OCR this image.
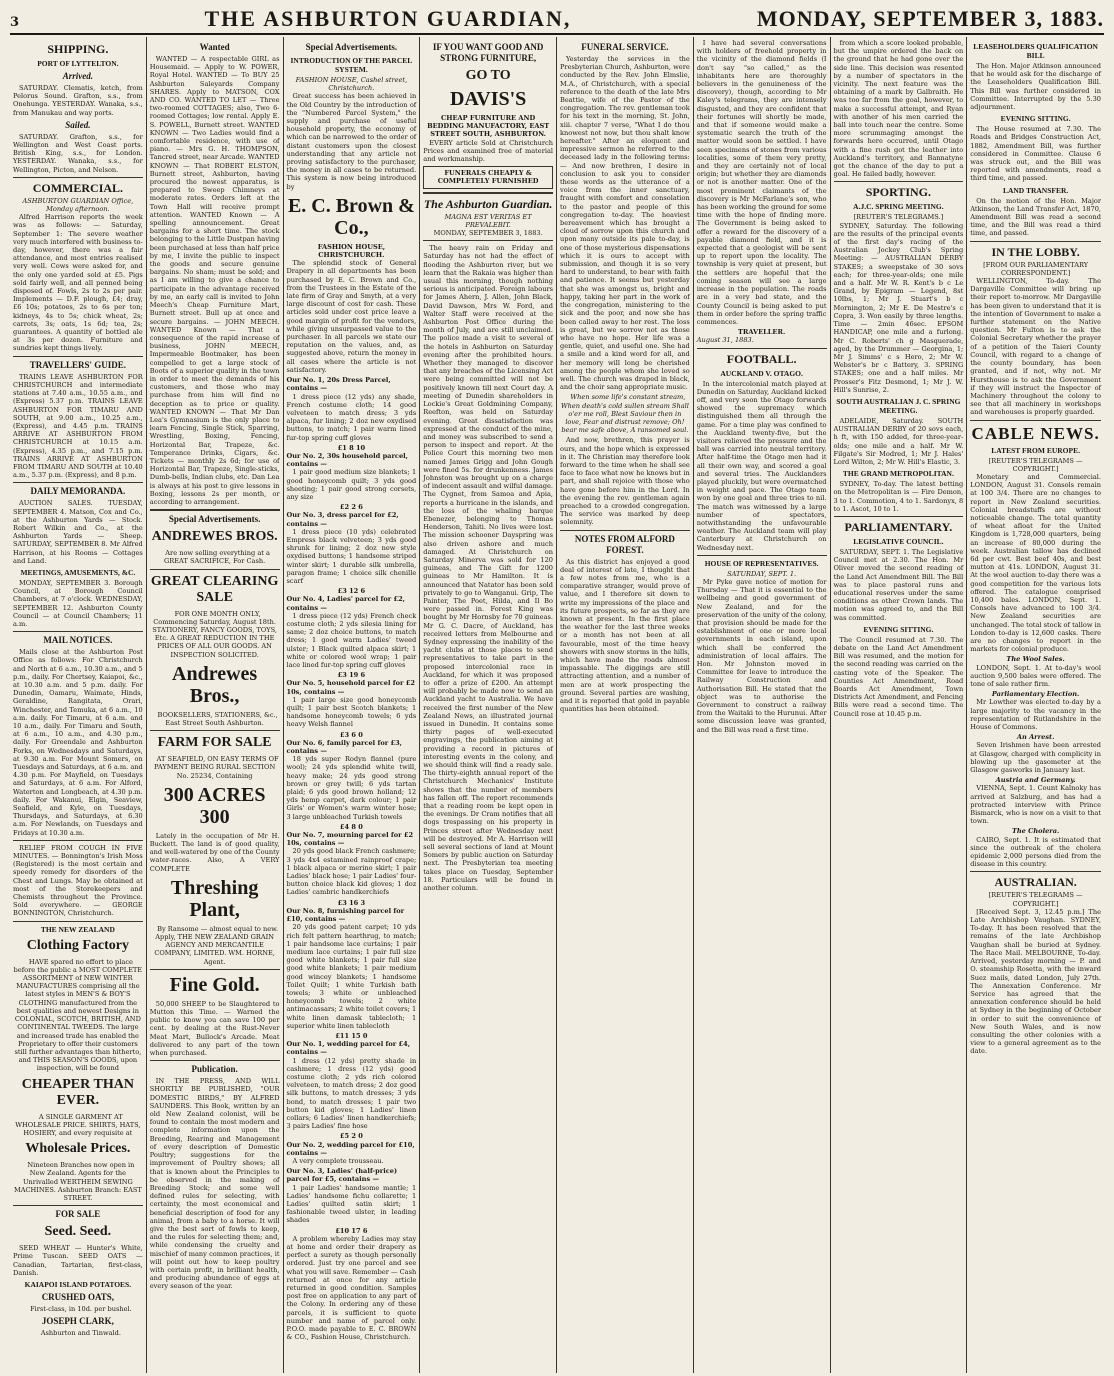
3	THE ASHBURTON GUARDIAN,	MONDAY, SEPTEMBER 3, 1883.
SHIPPING.
PORT OF LYTTELTON.
Arrived.

SATURDAY. Clematis, ketch, from Pelorus Sound. Grafton, s.s., from Onehunga. YESTERDAY. Wanaka, s.s., from Manukau and way ports.

Sailed.

SATURDAY. Grafton, s.s., for Wellington and West Coast ports. British King, s.s., for London. YESTERDAY. Wanaka, s.s., for Wellington, Picton, and Nelson.

COMMERCIAL.
ASHBURTON GUARDIAN Office, Monday afternoon.

Alfred Harrison reports the week was as follows: — Saturday, September 1: The severe weather very much interfered with business to-day, however, there was a fair attendance, and most entries realised very well. Cows were asked for, and the only one yarded sold at £5. Pigs sold fairly well, and all penned being disposed of. Fowls, 2s to 2s per pair. Implements — D.F. plough, £4; dray, £6 10s; potatoes, 2s to 6s per ton; kidneys, 4s to 5s; chick wheat, 2s; carrots, 3s; oats, 1s 6d; tea, 2s; guarantees. A quantity of bottled ale at 3s per dozen. Furniture and sundries kept things lively.

TRAVELLERS' GUIDE.

TRAINS LEAVE ASHBURTON FOR CHRISTCHURCH and intermediate stations at 7.40 a.m., 10.55 a.m., and (Express) 5.37 p.m. TRAINS LEAVE ASHBURTON FOR TIMARU AND SOUTH, at 9.00 a.m., 10.25 a.m., (Express), and 4.45 p.m. TRAINS ARRIVE AT ASHBURTON FROM CHRISTCHURCH at 10.15 a.m. (Express), 4.35 p.m., and 7.15 p.m. TRAINS ARRIVE AT ASHBURTON FROM TIMARU AND SOUTH at 10.40 a.m., 5.37 p.m. (Express), and 8 p.m.

DAILY MEMORANDA.

AUCTION SALES. TUESDAY, SEPTEMBER 4. Matson, Cox and Co., at the Ashburton Yards — Stock. Robert Wilkin and Co., at the Ashburton Yards — Sheep. SATURDAY, SEPTEMBER 8. Mr Alfred Harrison, at his Rooms — Cottages and Land.

MEETINGS, AMUSEMENTS, &C.

MONDAY, SEPTEMBER 3. Borough Council, at Borough Council Chambers, at 7 o'clock. WEDNESDAY, SEPTEMBER 12. Ashburton County Council — at Council Chambers; 11 a.m.

MAIL NOTICES.

Mails close at the Ashburton Post Office as follows: For Christchurch and North at 6 a.m., 10.30 a.m., and 5 p.m., daily. For Chertsey, Kaiapoi, &c., at 10.30 a.m. and 5 p.m. daily. For Dunedin, Oamaru, Waimate, Hinds, Geraldine, Rangitata, Orari, Winchester, and Temuka, at 6 a.m., 10 a.m. daily. For Timaru, at 6 a.m. and 10 a.m., daily. For Timaru and South, at 6 a.m., 10 a.m., and 4.30 p.m., daily. For Greendale and Ashburton Forks, on Wednesdays and Saturdays, at 9.30 a.m. For Mount Somers, on Tuesdays and Saturdays, at 6 a.m. and 4.30 p.m. For Mayfield, on Tuesdays and Saturdays, at 6 a.m. For Alford, Waterton and Longbeach, at 4.30 p.m. daily. For Wakanui, Elgin, Seaview, Seafield, and Kyle, on Tuesdays, Thursdays, and Saturdays, at 6.30 a.m. For Newlands, on Tuesdays and Fridays at 10.30 a.m.

RELIEF FROM COUGH IN FIVE MINUTES. — Bonnington's Irish Moss (Registered) is the most certain and speedy remedy for disorders of the Chest and Lungs. May be obtained at most of the Storekeepers and Chemists throughout the Province. Sold everywhere. — GEORGE BONNINGTON, Christchurch.

THE NEW ZEALAND
Clothing Factory

HAVE spared no effort to place before the public a MOST COMPLETE ASSORTMENT of NEW WINTER MANUFACTURES comprising all the latest styles in MEN'S & BOY'S CLOTHING manufactured from the best qualities and newest Designs in COLONIAL, SCOTCH, BRITISH, AND CONTINENTAL TWEEDS. The large and increased trade has enabled the Proprietary to offer their customers still further advantages than hitherto, and THIS SEASON'S GOODS, upon inspection, will be found

CHEAPER THAN EVER.

A SINGLE GARMENT AT WHOLESALE PRICE. SHIRTS, HATS, HOSIERY, and every requisite at

Wholesale Prices.

Nineteen Branches now open in New Zealand. Agents for the Unrivalled WERTHEIM SEWING MACHINES. Ashburton Branch: EAST STREET.

FOR SALE
Seed. Seed.

SEED WHEAT — Hunter's White, Prime Tuscan. SEED OATS — Canadian, Tartarian, first-class, Danish.

KAIAPOI ISLAND POTATOES.
CRUSHED OATS,

First-class, in 10d. per bushel.

JOSEPH CLARK,

Ashburton and Tinwald.

Wanted

WANTED — A respectable GIRL as Housemaid. — Apply to W. POWER, Royal Hotel. WANTED — To BUY 25 Ashburton Saleyards Company SHARES. Apply to MATSON, COX AND CO. WANTED TO LET — Three two-roomed COTTAGES; also, Two 6-roomed Cottages; low rental. Apply E. S. POWELL, Burnett street. WANTED KNOWN — Two Ladies would find a comfortable residence, with use of piano. — Mrs G. H. THOMPSON, Tancred street, near Arcade. WANTED KNOWN — That ROBERT ELSTON, Burnett street, Ashburton, having procured the newest apparatus, is prepared to Sweep Chimneys at moderate rates. Orders left at the Town Hall will receive prompt attention. WANTED Known — A spelling announcement. Great bargains for a short time. The stock belonging to the Little Dustpan having been purchased at less than half price by me, I invite the public to inspect the goods and secure genuine bargains. No sham; must be sold; and as I am willing to give a chance to participate in the advantage received by me, an early call is invited to John Meech's Cheap Furniture Mart, Burnett street. Bull up at once and secure bargains. — JOHN MEECH. WANTED Known — That a consequence of the rapid increase of business, JOHN MEECH, Impermeable Bootmaker, has been compelled to get a large stock of Boots of a superior quality in the town in order to meet the demands of his customers, and those who may purchase from him will find no deception as to price or quality. WANTED KNOWN — That Mr Dan Lea's Gymnasium is the only place to learn Fencing, Single Stick, Sparring, Wrestling, Boxing, Fencing, Horizontal Bar, Trapeze, &c. Temperance Drinks, Cigars, &c. Tickets — monthly 2s 6d; for use of Horizontal Bar, Trapeze, Single-sticks, Dumb-bells, Indian clubs, etc. Dan Lea is always at his post to give lessons in Boxing, lessons 2s per month, or according to arrangement.

Special Advertisements.
ANDREWES BROS.

Are now selling everything at a GREAT SACRIFICE, For Cash.

GREAT CLEARING SALE

FOR ONE MONTH ONLY, Commencing Saturday, August 18th. STATIONERY, FANCY GOODS, TOYS, Etc. A GREAT REDUCTION IN THE PRICES OF ALL OUR GOODS. AN INSPECTION SOLICITED.

Andrewes Bros.,

BOOKSELLERS, STATIONERS, &c., East Street South Ashburton.

FARM FOR SALE

AT SEAFIELD, ON EASY TERMS OF PAYMENT BEING RURAL SECTION No. 25234, Containing

300 ACRES 300

Lately in the occupation of Mr H. Buckett. The land is of good quality, and well-watered by one of the County water-races. Also, A VERY COMPLETE

Threshing Plant,

By Ransome — almost equal to new. Apply, THE NEW ZEALAND GRAIN AGENCY AND MERCANTILE COMPANY, LIMITED. WM. HORNE, Agent.

Fine Gold.

50,000 SHEEP to be Slaughtered to Mutton this Time. — Warned the public to know you can save 100 per cent. by dealing at the Rust-Never Meat Mart, Bullock's Arcade. Meat delivered to any part of the town when purchased.

Publication.

IN THE PRESS, AND WILL SHORTLY BE PUBLISHED, "OUR DOMESTIC BIRDS," BY ALFRED SAUNDERS. This Book, written by an old New Zealand colonist, will be found to contain the most modern and complete information upon the Breeding, Rearing and Management of every description of Domestic Poultry; suggestions for the improvement of Poultry shows; all that is known about the Principles to be observed in the making of Breeding Stock; and some well defined rules for selecting, with certainty, the most economical and beneficial description of food for any animal, from a baby to a horse. It will give the best sort of fowls to keep, and the rules for selecting them; and, while condensing the cruelty and mischief of many common practices, it will point out how to keep poultry with certain profit, in brilliant health, and producing abundance of eggs at every season of the year.

Special Advertisements.
INTRODUCTION OF THE PARCEL SYSTEM.
FASHION HOUSE, Cashel street, Christchurch.

Great success has been achieved in the Old Country by the introduction of the "Numbered Parcel System," the supply and purchase of useful household property, the economy of which can be narrowed to the order of distant customers upon the closest understanding that any article not proving satisfactory to the purchaser, the money in all cases to be returned. This system is now being introduced by

E. C. Brown & Co.,
FASHION HOUSE, CHRISTCHURCH.

The splendid stock of General Drapery in all departments has been purchased by E. C. Brown and Co., from the Trustees in the Estate of the late firm of Gray and Smyth, at a very large discount of cost for cash. These articles sold under cost price leave a good margin of profit for the vendors, while giving unsurpassed value to the purchaser. In all parcels we state our reputation on the values, and, as suggested above, return the money in all cases where the article is not satisfactory.

Our No. 1, 20s Dress Parcel, contains —

1 dress piece (12 yds) any shade, French costume cloth; 14 good velveteen to match dress; 3 yds alpaca, fur lining; 2 doz new oxydised buttons, to match; 1 pair warm lined fur-top spring cuff gloves

£1 8 10
Our No. 2, 30s household parcel, contains —

1 pair good medium size blankets; 1 good honeycomb quilt; 3 yds good sheeting; 1 pair good strong corsets, any size

£2 2 6
Our No. 3, dress parcel for £2, contains —

1 dress piece (10 yds) celebrated Empress black velveteen; 3 yds good shrunk for lining; 2 doz new style oxydised buttons; 1 handsome striped winter skirt; 1 durable silk umbrella, paragon frame; 1 choice silk chenille scarf

£3 12 6
Our No. 4, Ladies' parcel for £2, contains —

1 dress piece (12 yds) French check costume cloth; 2 yds silesia lining for same; 2 doz choice buttons, to match dress; 1 good warm Ladies' tweed ulster; 1 Black quilted alpaca skirt; 1 white or colored wool wrap; 1 pair lace lined fur-top spring cuff gloves

£3 19 6
Our No. 5, household parcel for £2 10s, contains —

1 pair large size good honeycomb quilt; 1 pair best Scotch blankets; 1 handsome honeycomb towels; 6 yds heavy Welsh flannel

£3 6 0
Our No. 6, family parcel for £3, contains —

18 yds super Rodyn flannel (pure wool); 24 yds splendid white twill, heavy make; 24 yds good strong brown or grey twill; 6 yds tartan plaid; 6 yds good brown holland; 12 yds hemp carpet, dark colour; 1 pair Girls' or Women's warm winter hose; 3 large unbleached Turkish towels

£4 8 0
Our No. 7, mourning parcel for £2 10s, contains —

20 yds good black French cashmere; 3 yds 4x4 estamined rainproof crape; 1 black alpaca or merino skirt; 1 pair Ladies' black hose; 1 pair Ladies' four-button choice black kid gloves; 1 doz Ladies' cambric handkerchiefs

£3 16 3
Our No. 8, furnishing parcel for £10, contains —

20 yds good patent carpet; 10 yds rich felt pattern hearthrug, to match; 1 pair handsome lace curtains; 1 pair medium lace curtains; 1 pair full size good white blankets; 1 pair full size good white blankets; 1 pair medium good wincey blankets; 1 handsome Toilet Quilt; 1 white Turkish bath towels; 3 white or unbleached honeycomb towels; 2 white antimacassars; 2 white toilet covers; 1 white linen damask tablecloth; 1 superior white linen tablecloth

£11 15 0
Our No. 1, wedding parcel for £4, contains —

1 dress (12 yds) pretty shade in cashmere; 1 dress (12 yds) good costume cloth; 2 yds rich colored velveteen, to match dress; 2 doz good silk buttons, to match dresses; 3 yds bond, to match dresses; 1 pair two button kid gloves; 1 Ladies' linen collars; 6 Ladies' linen handkerchiefs; 3 pairs Ladies' fine hose

£5 2 0
Our No. 2, wedding parcel for £10, contains —

A very complete trousseau.

Our No. 3, Ladies' (half-price) parcel for £5, contains —

1 pair Ladies' handsome mantle; 1 Ladies' handsome fichu collarette; 1 Ladies' quilted satin skirt; 1 fashionable tweed ulster, in leading shades

£10 17 6

A problem whereby Ladies may stay at home and order their drapery as perfect a surety as though personally ordered. Just try one parcel and see what you will save. Remember — Cash returned at once for any article returned in good condition. Samples post free on application to any part of the Colony. In ordering any of these parcels, it is sufficient to quote number and name of parcel only. P.O.O. made payable to E. C. BROWN & CO., Fashion House, Christchurch.

IF YOU WANT GOOD AND STRONG FURNITURE,
GO TO
DAVIS'S
CHEAP FURNITURE AND BEDDING MANUFACTORY, EAST STREET SOUTH, ASHBURTON.

EVERY article Sold at Christchurch Prices and examined free of material and workmanship.

FUNERALS CHEAPLY & COMPLETELY FURNISHED
The Ashburton Guardian.
MAGNA EST VERITAS ET PREVALEBIT.
MONDAY, SEPTEMBER 3, 1883.

The heavy rain on Friday and Saturday has not had the effect of flooding the Ashburton river, but we learn that the Rakaia was higher than usual this morning, though nothing serious is anticipated. Foreign labours for James Ahern, J. Allen, John Black, David Dawson, Mrs W. Ford, and Walter Staff were received at the Ashburton Post Office during the month of July, and are still unclaimed. The police made a visit to several of the hotels in Ashburton on Saturday evening after the prohibited hours. Whether they managed to discover that any breaches of the Licensing Act were being committed will not be positively known till next Court day. A meeting of Dunedin shareholders in Lockie's Great Goldmining Company, Reefton, was held on Saturday evening. Great dissatisfaction was expressed at the conduct of the mine, and money was subscribed to send a person to inspect and report. At the Police Court this morning two men named James Grigg and John Gough were fined 5s. for drunkenness. James Johnston was brought up on a charge of indecent assault and wilful damage. The Cygnet, from Samoa and Apia, reports a hurricane in the islands, and the loss of the whaling barque Ebenezer, belonging to Thomas Henderson, Tahiti. No lives were lost. The mission schooner Dayspring was also driven ashore and much damaged. At Christchurch on Saturday Minerva was sold for 120 guineas, and The Gift for 1200 guineas to Mr Hamilton. It is announced that Natator has been sold privately to go to Wanganui. Grip, The Painter, The Poet, Hilda, and Il Bo were passed in. Forest King was bought by Mr Hornsby for 70 guineas. Mr G. C. Dacre, of Auckland, has received letters from Melbourne and Sydney expressing the inability of the yacht clubs at those places to send representatives to take part in the proposed intercolonial race in Auckland, for which it was proposed to offer a prize of £200. An attempt will probably be made now to send an Auckland yacht to Australia. We have received the first number of the New Zealand News, an illustrated journal issued in Dunedin. It contains some thirty pages of well-executed engravings, the publication aiming at providing a record in pictures of interesting events in the colony, and we should think will find a ready sale. The thirty-eighth annual report of the Christchurch Mechanics' Institute shows that the number of members has fallen off. The report recommends that a reading room be kept open in the evenings. Dr Cram notifies that all dogs trespassing on his property in Princes street after Wednesday next will be destroyed. Mr A. Harrison will sell several sections of land at Mount Somers by public auction on Saturday next. The Presbyterian tea meeting takes place on Tuesday, September 18. Particulars will be found in another column.

FUNERAL SERVICE.

Yesterday the services in the Presbyterian Church, Ashburton, were conducted by the Rev. John Elmslie, M.A., of Christchurch, with a special reference to the death of the late Mrs Beattie, wife of the Pastor of the congregation. The rev. gentleman took for his text in the morning, St. John, xiii. chapter 7 verse, "What I do thou knowest not now, but thou shalt know hereafter." After an eloquent and impressive sermon he referred to the deceased lady in the following terms: — And now brethren, I desire in conclusion to ask you to consider these words as the utterance of a voice from the inner sanctuary, fraught with comfort and consolation to the pastor and people of this congregation to-day. The heaviest bereavement which has brought a cloud of sorrow upon this church and upon many outside its pale to-day, is one of those mysterious dispensations which it is ours to accept with submission, and though it is so very hard to understand, to bear with faith and patience. It seems but yesterday that she was amongst us, bright and happy, taking her part in the work of the congregation, ministering to the sick and the poor, and now she has been called away to her rest. The loss is great, but we sorrow not as those who have no hope. Her life was a gentle, quiet, and useful one. She had a smile and a kind word for all, and her memory will long be cherished among the people whom she loved so well. The church was draped in black, and the choir sang appropriate music.

When some life's constant stream, When death's cold sullen stream Shall o'er me roll, Blest Saviour then in love, Fear and distrust remove; Oh! bear me safe above, A ransomed soul.

And now, brethren, this prayer is ours, and the hope which is expressed in it. The Christian may therefore look forward to the time when he shall see face to face what now he knows but in part, and shall rejoice with those who have gone before him in the Lord. In the evening the rev. gentleman again preached to a crowded congregation. The service was marked by deep solemnity.

NOTES FROM ALFORD FOREST.

As this district has enjoyed a good deal of interest of late, I thought that a few notes from me, who is a comparative stranger, would prove of value, and I therefore sit down to write my impressions of the place and its future prospects, so far as they are known at present. In the first place the weather for the last three weeks or a month has not been at all favourable, most of the time heavy showers with snow storms in the hills, which have made the roads almost impassable. The diggings are still attracting attention, and a number of men are at work prospecting the ground. Several parties are washing, and it is reported that gold in payable quantities has been obtained.

I have had several conversations with holders of freehold property in the vicinity of the diamond fields (I don't say "so called," as the inhabitants here are thoroughly believers in the genuineness of the discovery), though, according to Mr Kaley's telegrams, they are intensely disgusted, and they are confident that their fortunes will shortly be made, and that if someone would make a systematic search the truth of the matter would soon be settled. I have seen specimens of stones from various localities, some of them very pretty, and they are certainly not of local origin; but whether they are diamonds or not is another matter. One of the most prominent claimants of the discovery is Mr McFarlane's son, who has been working the ground for some time with the hope of finding more. The Government is being asked to offer a reward for the discovery of a payable diamond field, and it is expected that a geologist will be sent up to report upon the locality. The township is very quiet at present, but the settlers are hopeful that the coming season will see a large increase in the population. The roads are in a very bad state, and the County Council is being asked to put them in order before the spring traffic commences.

TRAVELLER.
August 31, 1883.
FOOTBALL.
AUCKLAND V. OTAGO.

In the intercolonial match played at Dunedin on Saturday, Auckland kicked off, and very soon the Otago forwards showed the supremacy which distinguished them all through the game. For a time play was confined to the Auckland twenty-five, but the visitors relieved the pressure and the ball was carried into neutral territory. After half-time the Otago men had it all their own way, and scored a goal and several tries. The Aucklanders played pluckily, but were overmatched in weight and pace. The Otago team won by one goal and three tries to nil. The match was witnessed by a large number of spectators, notwithstanding the unfavourable weather. The Auckland team will play Canterbury at Christchurch on Wednesday next.

HOUSE OF REPRESENTATIVES.
SATURDAY, SEPT. 1.

Mr Pyke gave notice of motion for Thursday — That it is essential to the wellbeing and good government of New Zealand, and for the preservation of the unity of the colony, that provision should be made for the establishment of one or more local governments in each island, upon which shall be conferred the administration of local affairs. The Hon. Mr Johnston moved in Committee for leave to introduce the Railway Construction and Authorisation Bill. He stated that the object was to authorise the Government to construct a railway from the Waitaki to the Hurunui. After some discussion leave was granted, and the Bill was read a first time.

from which a score looked probable, but the umpire ordered the back on the ground that he had gone over the side line. This decision was resented by a number of spectators in the vicinity. The next feature was the obtaining of a mark by Galbraith. He was too far from the goal, however, to make a successful attempt, and Ryan with another of his men carried the ball into touch near the centre. Some more scrummaging amongst the forwards here occurred, until Otago with a fine rush got the leather into Auckland's territory, and Bannatyne got the chance of the day to put a goal. He failed badly, however.

SPORTING.
A.J.C. SPRING MEETING.
[REUTER'S TELEGRAMS.]

SYDNEY, Saturday. The following are the results of the principal events of the first day's racing of the Australian Jockey Club's Spring Meeting: — AUSTRALIAN DERBY STAKES; a sweepstake of 30 sovs each; for three-year-olds; one mile and a half. Mr W. R. Kent's b c Le Grand, by Epigram — Legend, 8st 10lbs, 1; Mr J. Stuart's b c Mornington, 2; Mr E. De Mestre's c Copra, 3. Won easily by three lengths. Time — 2min 46sec. EPSOM HANDICAP, one mile and a furlong. Mr C. Roberts' ch g Masquerade, aged, by the Drummer — Georgina, 1; Mr J. Simms' c s Hero, 2; Mr W. Webster's br c Battery, 3. SPRING STAKES; one and a half miles. Mr Prosser's Fitz Desmond, 1; Mr J. W. Hill's Sunrise, 2.

SOUTH AUSTRALIAN J. C. SPRING MEETING.

ADELAIDE, Saturday. SOUTH AUSTRALIAN DERBY of 20 sovs each, h ft, with 150 added, for three-year-olds; one mile and a half. Mr W. Filgate's Sir Modred, 1; Mr J. Hales' Lord Wilton, 2; Mr W. Hill's Elastic, 3.

THE GRAND METROPOLITAN.

SYDNEY, To-day. The latest betting on the Metropolitan is — Fire Demon, 3 to 1. Commotion, 4 to 1. Sardonyx, 8 to 1. Ascot, 10 to 1.

PARLIAMENTARY.
LEGISLATIVE COUNCIL.

SATURDAY, SEPT. 1. The Legislative Council met at 2.30. The Hon. Mr Oliver moved the second reading of the Land Act Amendment Bill. The Bill was to place pastoral runs and educational reserves under the same conditions as other Crown lands. The motion was agreed to, and the Bill was committed.

EVENING SITTING.

The Council resumed at 7.30. The debate on the Land Act Amendment Bill was resumed, and the motion for the second reading was carried on the casting vote of the Speaker. The Counties Act Amendment, Road Boards Act Amendment, Town Districts Act Amendment, and Fencing Bills were read a second time. The Council rose at 10.45 p.m.

LEASEHOLDERS QUALIFICATION BILL

The Hon. Major Atkinson announced that he would ask for the discharge of the Leaseholders Qualification Bill. This Bill was further considered in Committee. Interrupted by the 5.30 adjournment.

EVENING SITTING.

The House resumed at 7.30. The Roads and Bridges Construction Act, 1882, Amendment Bill, was further considered in Committee. Clause 6 was struck out, and the Bill was reported with amendments, read a third time, and passed.

LAND TRANSFER.

On the motion of the Hon. Major Atkinson, the Land Transfer Act, 1870, Amendment Bill was read a second time, and the Bill was read a third time, and passed.

IN THE LOBBY.
[FROM OUR PARLIAMENTARY CORRESPONDENT.]

WELLINGTON, To-day. The Dargaville Committee will bring up their report to-morrow. Mr Dargaville has been given to understand that it is the intention of Government to make a further statement on the Native question. Mr Fulton is to ask the Colonial Secretary whether the prayer of a petition of the Taieri County Council, with regard to a change of the county boundary, has been granted, and if not, why not. Mr Hursthouse is to ask the Government if they will instruct the Inspector of Machinery throughout the colony to see that all machinery in workshops and warehouses is properly guarded.

CABLE NEWS.
LATEST FROM EUROPE.
[REUTER'S TELEGRAMS — COPYRIGHT.]

Monetary and Commercial. LONDON, August 31. Consols remain at 100 3/4. There are no changes to report in New Zealand securities. Colonial breadstuffs are without noticeable change. The total quantity of wheat afloat for the United Kingdom is 1,728,000 quarters, being an increase of 80,000 during the week. Australian tallow has declined 6d per cwt. Best beef 40s, and best mutton at 41s. LONDON, August 31. At the wool auction to-day there was a good competition for the various lots offered. The catalogue comprised 10,400 bales. LONDON, Sept. 1. Consols have advanced to 100 3/4. New Zealand securities are unchanged. The total stock of tallow in London to-day is 12,600 casks. There are no changes to report in the markets for colonial produce.

The Wool Sales.

LONDON, Sept. 1. At to-day's wool auction 9,500 bales were offered. The tone of sale rather firm.

Parliamentary Election.

Mr Lowther was elected to-day by a large majority to the vacancy in the representation of Rutlandshire in the House of Commons.

An Arrest.

Seven Irishmen have been arrested at Glasgow, charged with complicity in blowing up the gasometer at the Glasgow gasworks in January last.

Austria and Germany.

VIENNA, Sept. 1. Count Kalnoky has arrived at Salzburg, and has had a protracted interview with Prince Bismarck, who is now on a visit to that town.

The Cholera.

CAIRO, Sept. 1. It is estimated that since the outbreak of the cholera epidemic 2,000 persons died from the disease in this country.

AUSTRALIAN.
[REUTER'S TELEGRAMS — COPYRIGHT.]

[Received Sept. 3, 12.45 p.m.] The Late Archbishop Vaughan. SYDNEY, To-day. It has been resolved that the remains of the late Archbishop Vaughan shall be buried at Sydney. The Race Mail. MELBOURNE, To-day. Arrived, yesterday morning — P. and O. steamship Rosetta, with the inward Suez mails, dated London, July 27th. The Annexation Conference. Mr Service has agreed that the annexation conference should be held at Sydney in the beginning of October in order to suit the convenience of New South Wales, and is now consulting the other colonies with a view to a general agreement as to the date.
